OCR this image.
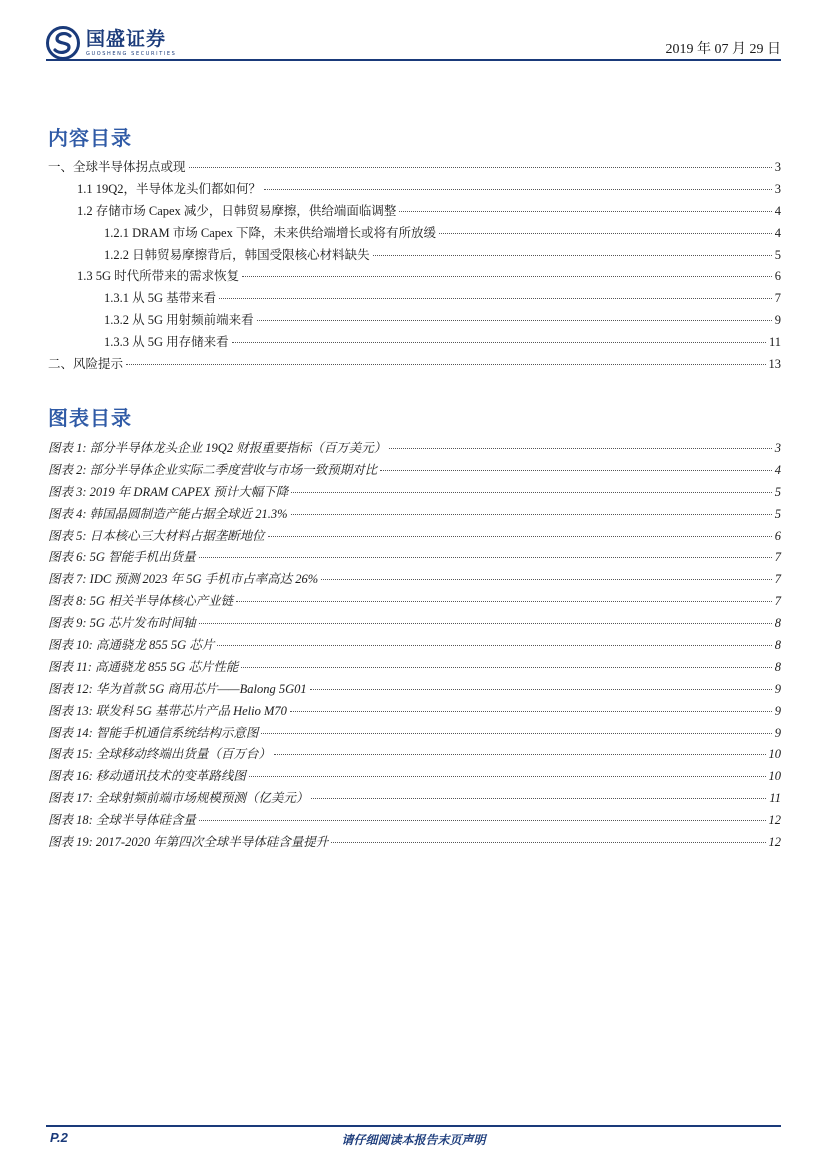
国盛证券
GUOSHENG SECURITIES	2019 年 07 月 29 日
内容目录
一、全球半导体拐点或现	3
1.1 19Q2，半导体龙头们都如何？	3
1.2 存储市场 Capex 减少，日韩贸易摩擦，供给端面临调整	4
1.2.1 DRAM 市场 Capex 下降，未来供给端增长或将有所放缓	4
1.2.2 日韩贸易摩擦背后，韩国受限核心材料缺失	5
1.3 5G 时代所带来的需求恢复	6
1.3.1 从 5G 基带来看	7
1.3.2 从 5G 用射频前端来看	9
1.3.3 从 5G 用存储来看	11
二、风险提示	13
图表目录
图表 1: 部分半导体龙头企业 19Q2 财报重要指标（百万美元）	3
图表 2: 部分半导体企业实际二季度营收与市场一致预期对比	4
图表 3: 2019 年 DRAM CAPEX 预计大幅下降	5
图表 4: 韩国晶圆制造产能占据全球近 21.3%	5
图表 5: 日本核心三大材料占据垄断地位	6
图表 6: 5G 智能手机出货量	7
图表 7: IDC 预测 2023 年 5G 手机市占率高达 26%	7
图表 8: 5G 相关半导体核心产业链	7
图表 9: 5G 芯片发布时间轴	8
图表 10: 高通骁龙 855 5G 芯片	8
图表 11: 高通骁龙 855 5G 芯片性能	8
图表 12: 华为首款 5G 商用芯片——Balong 5G01	9
图表 13: 联发科 5G 基带芯片产品 Helio M70	9
图表 14: 智能手机通信系统结构示意图	9
图表 15: 全球移动终端出货量（百万台）	10
图表 16: 移动通讯技术的变革路线图	10
图表 17: 全球射频前端市场规模预测（亿美元）	11
图表 18: 全球半导体硅含量	12
图表 19: 2017-2020 年第四次全球半导体硅含量提升	12
P.2	请仔细阅读本报告末页声明
